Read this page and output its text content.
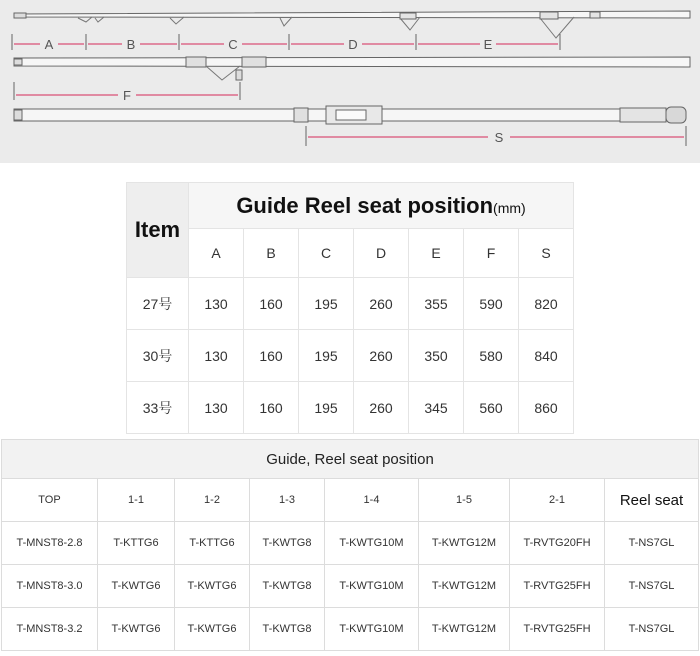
A	B	C	D	E
F
S
Item	Guide Reel seat position(mm)						
	A	B	C	D	E	F	S
27号	130	160	195	260	355	590	820
30号	130	160	195	260	350	580	840
33号	130	160	195	260	345	560	860
Guide, Reel seat position							
TOP	1-1	1-2	1-3	1-4	1-5	2-1	Reel seat
T-MNST8-2.8	T-KTTG6	T-KTTG6	T-KWTG8	T-KWTG10M	T-KWTG12M	T-RVTG20FH	T-NS7GL
T-MNST8-3.0	T-KWTG6	T-KWTG6	T-KWTG8	T-KWTG10M	T-KWTG12M	T-RVTG25FH	T-NS7GL
T-MNST8-3.2	T-KWTG6	T-KWTG6	T-KWTG8	T-KWTG10M	T-KWTG12M	T-RVTG25FH	T-NS7GL
